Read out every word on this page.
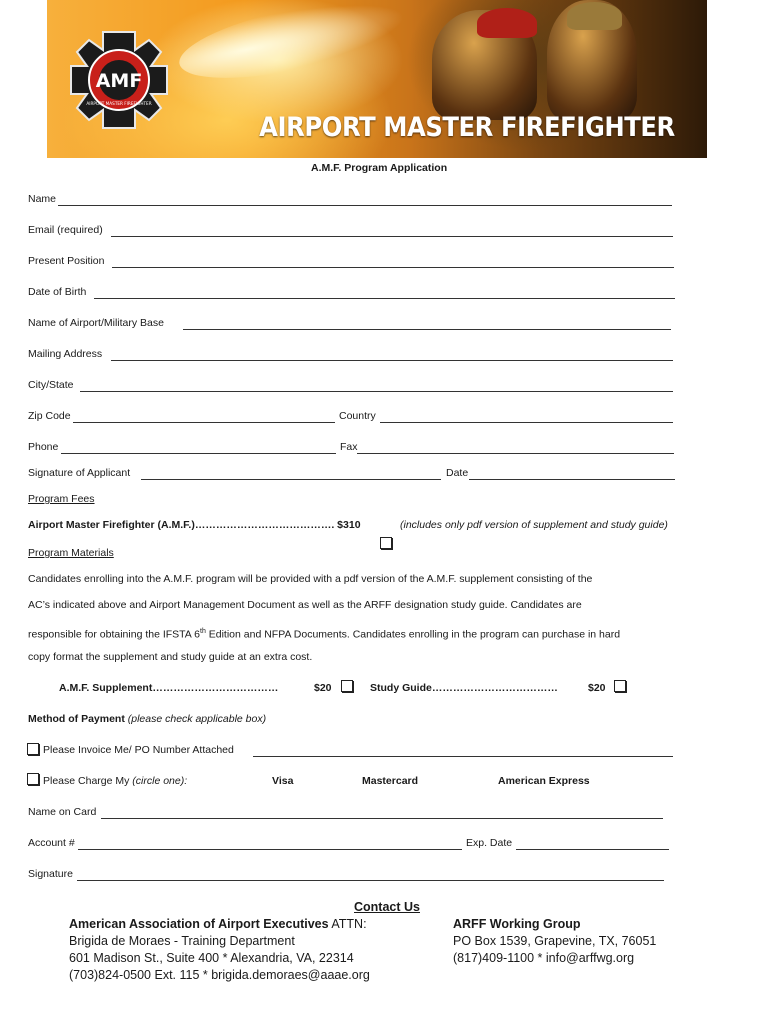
AMF
AIRPORT MASTER FIREFIGHTER
AIRPORT MASTER FIREFIGHTER
A.M.F. Program Application
Name
Email (required)
Present Position
Date of Birth
Name of Airport/Military Base
Mailing Address
City/State
Zip Code	Country
Phone	Fax
Signature of Applicant	Date
Program Fees
Airport Master Firefighter (A.M.F.)…………………………………. $310	(includes only pdf version of supplement and study guide)
Program Materials
Candidates enrolling into the A.M.F. program will be provided with a pdf version of the A.M.F. supplement consisting of the
AC’s indicated above and Airport Management Document as well as the ARFF designation study guide. Candidates are
responsible for obtaining the IFSTA 6th Edition and NFPA Documents. Candidates enrolling in the program can purchase in hard
copy format the supplement and study guide at an extra cost.
A.M.F. Supplement………………………………	$20	Study Guide………………………………	$20
Method of Payment (please check applicable box)
Please Invoice Me/ PO Number Attached
Please Charge My (circle one):	Visa	Mastercard	American Express
Name on Card
Account #	Exp. Date
Signature
Contact Us
American Association of Airport Executives ATTN:
Brigida de Moraes - Training Department
601 Madison St., Suite 400 * Alexandria, VA, 22314
(703)824-0500 Ext. 115 * brigida.demoraes@aaae.org
ARFF Working Group
PO Box 1539, Grapevine, TX, 76051
(817)409-1100 * info@arffwg.org
